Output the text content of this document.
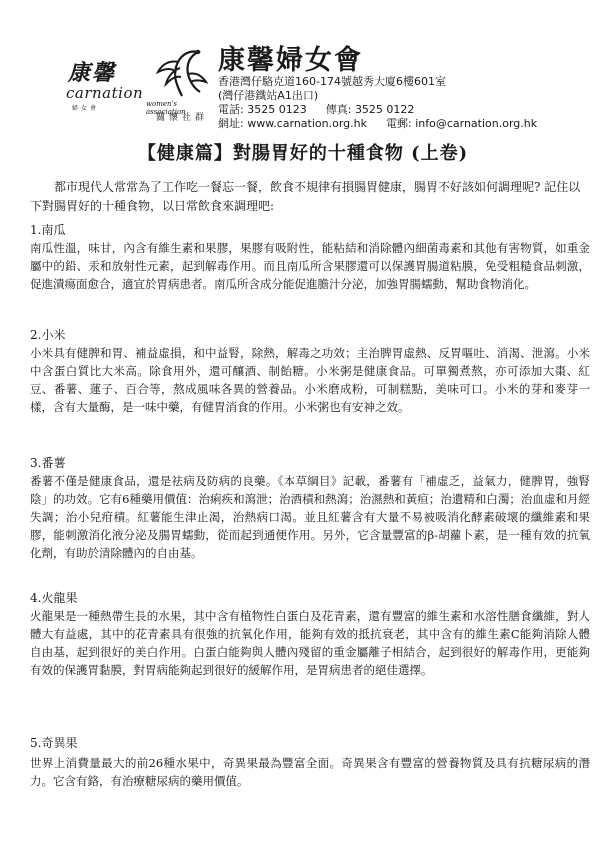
康馨
carnation
婦女會
women's association
關懷社群
康馨婦女會
香港灣仔駱克道160-174號越秀大廈6樓601室
(灣仔港鐵站A1出口)
電話: 3525 0123 傳真: 3525 0122
網址: www.carnation.org.hk 電郵: info@carnation.org.hk
【健康篇】對腸胃好的十種食物 (上卷)
都市現代人常常為了工作吃一餐忘一餐，飲食不規律有損腸胃健康，腸胃不好該如何調理呢? 記住以下對腸胃好的十種食物，以日常飲食來調理吧:
1.南瓜
南瓜性溫，味甘，內含有維生素和果膠，果膠有吸附性，能粘結和消除體內細菌毒素和其他有害物質，如重金屬中的鉛、汞和放射性元素，起到解毒作用。而且南瓜所含果膠還可以保護胃腸道粘膜，免受粗糙食品刺激，促進潰瘍面愈合，適宜於胃病患者。南瓜所含成分能促進膽汁分泌，加強胃腸蠕動，幫助食物消化。
2.小米
小米具有健脾和胃、補益虛損，和中益腎，除熱，解毒之功效；主治脾胃虛熱、反胃嘔吐、消渴、泄瀉。小米中含蛋白質比大米高。除食用外，還可釀酒、制飴糖。小米粥是健康食品。可單獨煮熬，亦可添加大棗、紅豆、番薯、蓮子、百合等，熬成風味各異的營養品。小米磨成粉，可制糕點，美味可口。小米的芽和麥芽一樣，含有大量酶，是一味中藥，有健胃消食的作用。小米粥也有安神之效。
3.番薯
番薯不僅是健康食品，還是祛病及防病的良藥。《本草綱目》記載，番薯有「補虛乏，益氣力，健脾胃，強腎陰」的功效。它有6種藥用價值：治痢疾和瀉泄；治酒積和熱瀉；治濕熱和黃疸；治遺精和白濁；治血虛和月經失調；治小兒疳積。紅薯能生津止渴，治熱病口渴。並且紅薯含有大量不易被吸消化酵素破壞的纖維素和果膠，能刺激消化液分泌及腸胃蠕動，從而起到通便作用。另外，它含量豐富的β-胡蘿卜素，是一種有效的抗氧化劑，有助於清除體內的自由基。
4.火龍果
火龍果是一種熱帶生長的水果，其中含有植物性白蛋白及花青素，還有豐富的維生素和水溶性膳食纖維，對人體大有益處，其中的花青素具有很強的抗氧化作用，能夠有效的抵抗衰老，其中含有的維生素C能夠消除人體自由基，起到很好的美白作用。白蛋白能夠與人體內殘留的重金屬離子相結合，起到很好的解毒作用，更能夠有效的保護胃黏膜，對胃病能夠起到很好的緩解作用，是胃病患者的絕佳選擇。
5.奇異果
世界上消費量最大的前26種水果中，奇異果最為豐富全面。奇異果含有豐富的營養物質及具有抗糖尿病的潛力。它含有鉻，有治療糖尿病的藥用價值。
